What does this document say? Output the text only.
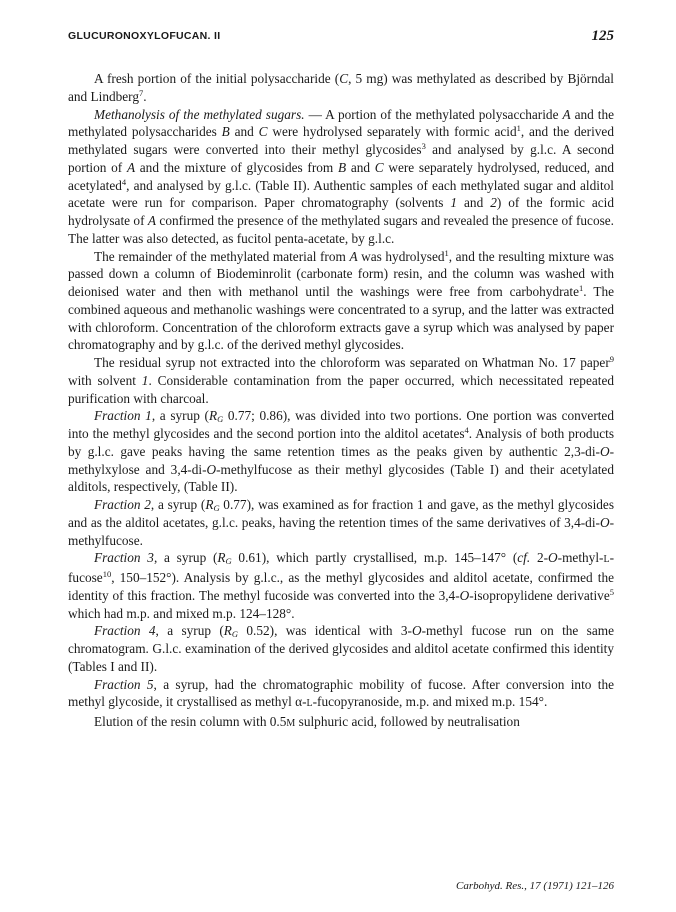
GLUCURONOXYLOFUCAN. II	125

A fresh portion of the initial polysaccharide (C, 5 mg) was methylated as described by Björndal and Lindberg$^7$.

Methanolysis of the methylated sugars. — A portion of the methylated polysaccharide A and the methylated polysaccharides B and C were hydrolysed separately with formic acid$^1$, and the derived methylated sugars were converted into their methyl glycosides$^3$ and analysed by g.l.c. A second portion of A and the mixture of glycosides from B and C were separately hydrolysed, reduced, and acetylated$^4$, and analysed by g.l.c. (Table II). Authentic samples of each methylated sugar and alditol acetate were run for comparison. Paper chromatography (solvents 1 and 2) of the formic acid hydrolysate of A confirmed the presence of the methylated sugars and revealed the presence of fucose. The latter was also detected, as fucitol penta-acetate, by g.l.c.

The remainder of the methylated material from A was hydrolysed$^1$, and the resulting mixture was passed down a column of Biodeminrolit (carbonate form) resin, and the column was washed with deionised water and then with methanol until the washings were free from carbohydrate$^1$. The combined aqueous and methanolic washings were concentrated to a syrup, and the latter was extracted with chloroform. Concentration of the chloroform extracts gave a syrup which was analysed by paper chromatography and by g.l.c. of the derived methyl glycosides.

The residual syrup not extracted into the chloroform was separated on Whatman No. 17 paper$^9$ with solvent 1. Considerable contamination from the paper occurred, which necessitated repeated purification with charcoal.

Fraction 1, a syrup ($R_G$ 0.77; 0.86), was divided into two portions. One portion was converted into the methyl glycosides and the second portion into the alditol acetates$^4$. Analysis of both products by g.l.c. gave peaks having the same retention times as the peaks given by authentic 2,3-di-O-methylxylose and 3,4-di-O-methylfucose as their methyl glycosides (Table I) and their acetylated alditols, respectively, (Table II).

Fraction 2, a syrup ($R_G$ 0.77), was examined as for fraction 1 and gave, as the methyl glycosides and as the alditol acetates, g.l.c. peaks, having the retention times of the same derivatives of 3,4-di-O-methylfucose.

Fraction 3, a syrup ($R_G$ 0.61), which partly crystallised, m.p. 145–147° (cf. 2-O-methyl-L-fucose$^{10}$, 150–152°). Analysis by g.l.c., as the methyl glycosides and alditol acetate, confirmed the identity of this fraction. The methyl fucoside was converted into the 3,4-O-isopropylidene derivative$^5$ which had m.p. and mixed m.p. 124–128°.

Fraction 4, a syrup ($R_G$ 0.52), was identical with 3-O-methyl fucose run on the same chromatogram. G.l.c. examination of the derived glycosides and alditol acetate confirmed this identity (Tables I and II).

Fraction 5, a syrup, had the chromatographic mobility of fucose. After conversion into the methyl glycoside, it crystallised as methyl α-L-fucopyranoside, m.p. and mixed m.p. 154°.

Elution of the resin column with 0.5M sulphuric acid, followed by neutralisation

Carbohyd. Res., 17 (1971) 121–126
